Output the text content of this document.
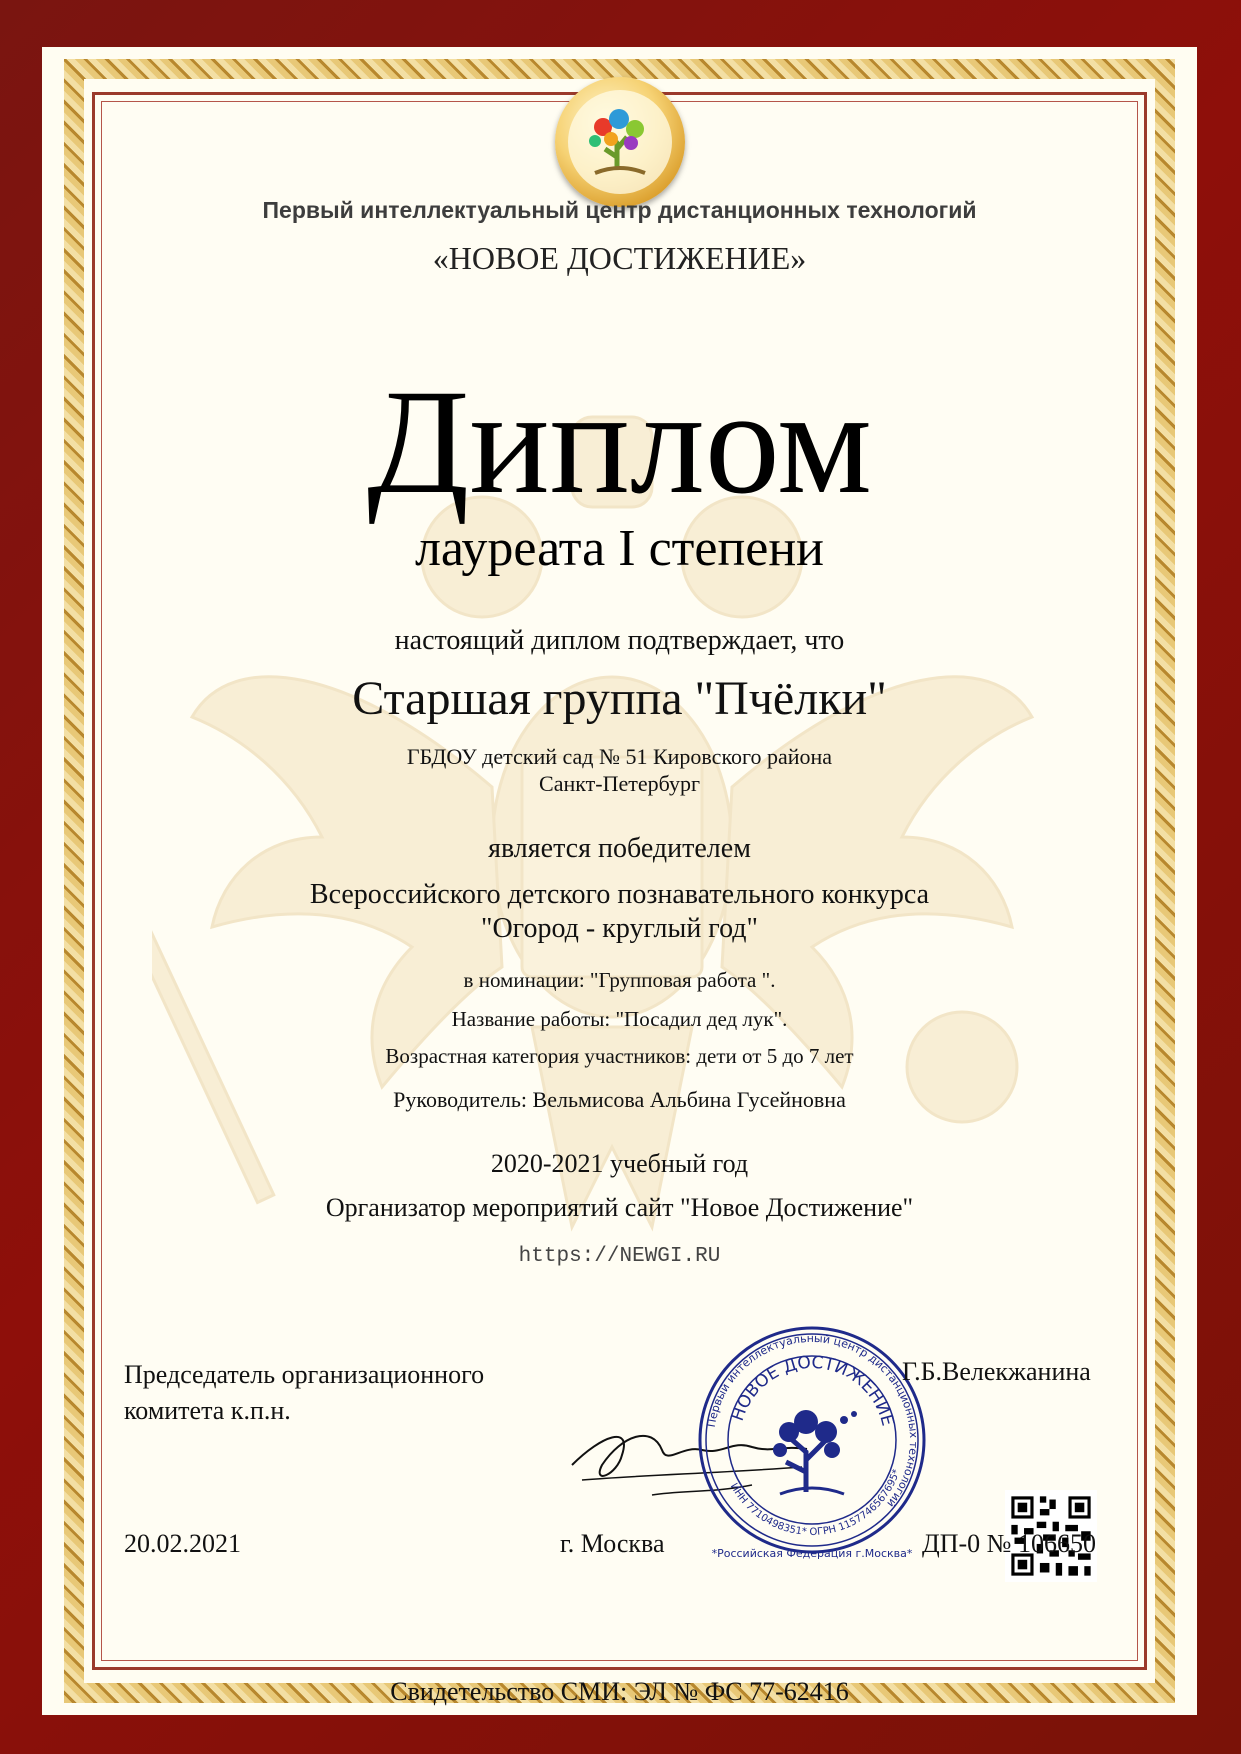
Первый интеллектуальный центр дистанционных технологий
«НОВОЕ ДОСТИЖЕНИЕ»
Диплом
лауреата I степени
настоящий диплом подтверждает, что
Старшая группа "Пчёлки"
ГБДОУ детский сад № 51 Кировского района
Санкт-Петербург
является победителем
Всероссийского детского познавательного конкурса
"Огород - круглый год"
в номинации: "Групповая работа ".
Название работы: "Посадил дед лук".
Возрастная категория участников: дети от 5 до 7 лет
Руководитель: Вельмисова Альбина Гусейновна
2020-2021 учебный год
Организатор мероприятий сайт "Новое Достижение"
https://NEWGI.RU
Председатель организационного
комитета к.п.н.	Первый интеллектуальный центр дистанционных технологий
НОВОЕ ДОСТИЖЕНИЕ
ИНН 7710498351* ОГРН 1157746567695*
*Российская Федерация г.Москва*
Г.Б.Велекжанина
20.02.2021	г. Москва	ДП-0 № 106650
Свидетельство СМИ: ЭЛ № ФС 77-62416
